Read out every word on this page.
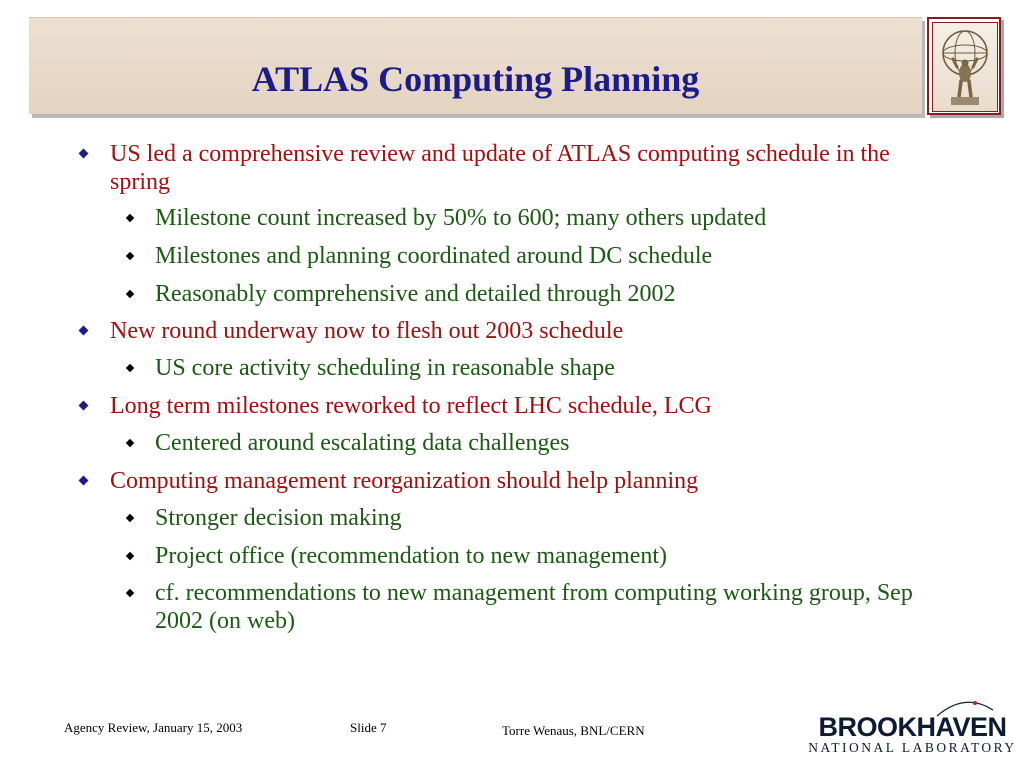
ATLAS Computing Planning
US led a comprehensive review and update of ATLAS computing schedule in the spring
Milestone count increased by 50% to 600; many others updated
Milestones and planning coordinated around DC schedule
Reasonably comprehensive and detailed through 2002
New round underway now to flesh out 2003 schedule
US core activity scheduling in reasonable shape
Long term milestones reworked to reflect LHC schedule, LCG
Centered around escalating data challenges
Computing management reorganization should help planning
Stronger decision making
Project office (recommendation to new management)
cf. recommendations to new management from computing working group, Sep 2002 (on web)
Agency Review, January 15, 2003	Slide 7	Torre Wenaus, BNL/CERN	BROOKHAVEN
NATIONAL LABORATORY
